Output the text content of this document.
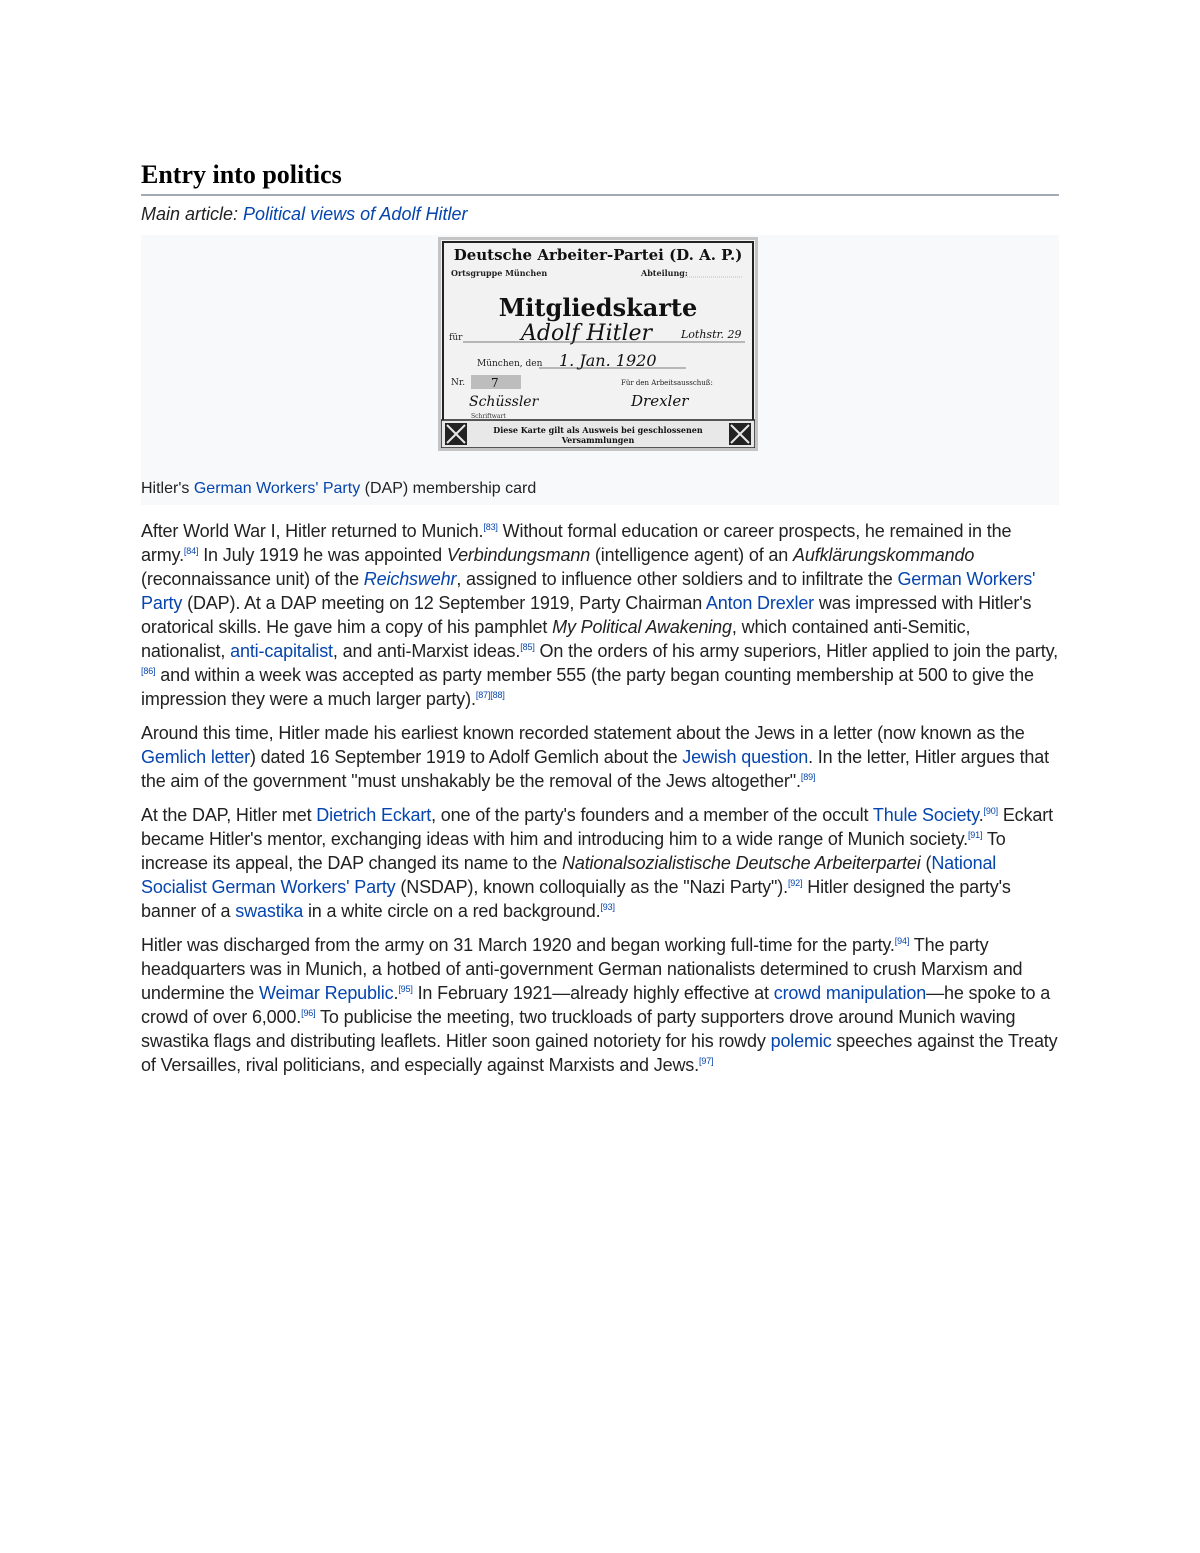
Entry into politics
Main article: Political views of Adolf Hitler
Deutsche Arbeiter-Partei (D. A. P.)
Ortsgruppe München	Abteilung:
Mitgliedskarte
für	Adolf Hitler	Lothstr. 29
München, den 1. Jan. 1920
Nr. 7	Für den Arbeitsausschuß:
Schüssler
Schriftwart
Drexler
Diese Karte gilt als Ausweis bei geschlossenen
Versammlungen
Hitler's German Workers' Party (DAP) membership card

After World War I, Hitler returned to Munich.[83] Without formal education or career prospects, he remained in the army.[84] In July 1919 he was appointed Verbindungsmann (intelligence agent) of an Aufklärungskommando (reconnaissance unit) of the Reichswehr, assigned to influence other soldiers and to infiltrate the German Workers' Party (DAP). At a DAP meeting on 12 September 1919, Party Chairman Anton Drexler was impressed with Hitler's oratorical skills. He gave him a copy of his pamphlet My Political Awakening, which contained anti-Semitic, nationalist, anti-capitalist, and anti-Marxist ideas.[85] On the orders of his army superiors, Hitler applied to join the party,[86] and within a week was accepted as party member 555 (the party began counting membership at 500 to give the impression they were a much larger party).[87][88]

Around this time, Hitler made his earliest known recorded statement about the Jews in a letter (now known as the Gemlich letter) dated 16 September 1919 to Adolf Gemlich about the Jewish question. In the letter, Hitler argues that the aim of the government "must unshakably be the removal of the Jews altogether".[89]

At the DAP, Hitler met Dietrich Eckart, one of the party's founders and a member of the occult Thule Society.[90] Eckart became Hitler's mentor, exchanging ideas with him and introducing him to a wide range of Munich society.[91] To increase its appeal, the DAP changed its name to the Nationalsozialistische Deutsche Arbeiterpartei (National Socialist German Workers' Party (NSDAP), known colloquially as the "Nazi Party").[92] Hitler designed the party's banner of a swastika in a white circle on a red background.[93]

Hitler was discharged from the army on 31 March 1920 and began working full-time for the party.[94] The party headquarters was in Munich, a hotbed of anti-government German nationalists determined to crush Marxism and undermine the Weimar Republic.[95] In February 1921—already highly effective at crowd manipulation—he spoke to a crowd of over 6,000.[96] To publicise the meeting, two truckloads of party supporters drove around Munich waving swastika flags and distributing leaflets. Hitler soon gained notoriety for his rowdy polemic speeches against the Treaty of Versailles, rival politicians, and especially against Marxists and Jews.[97]
